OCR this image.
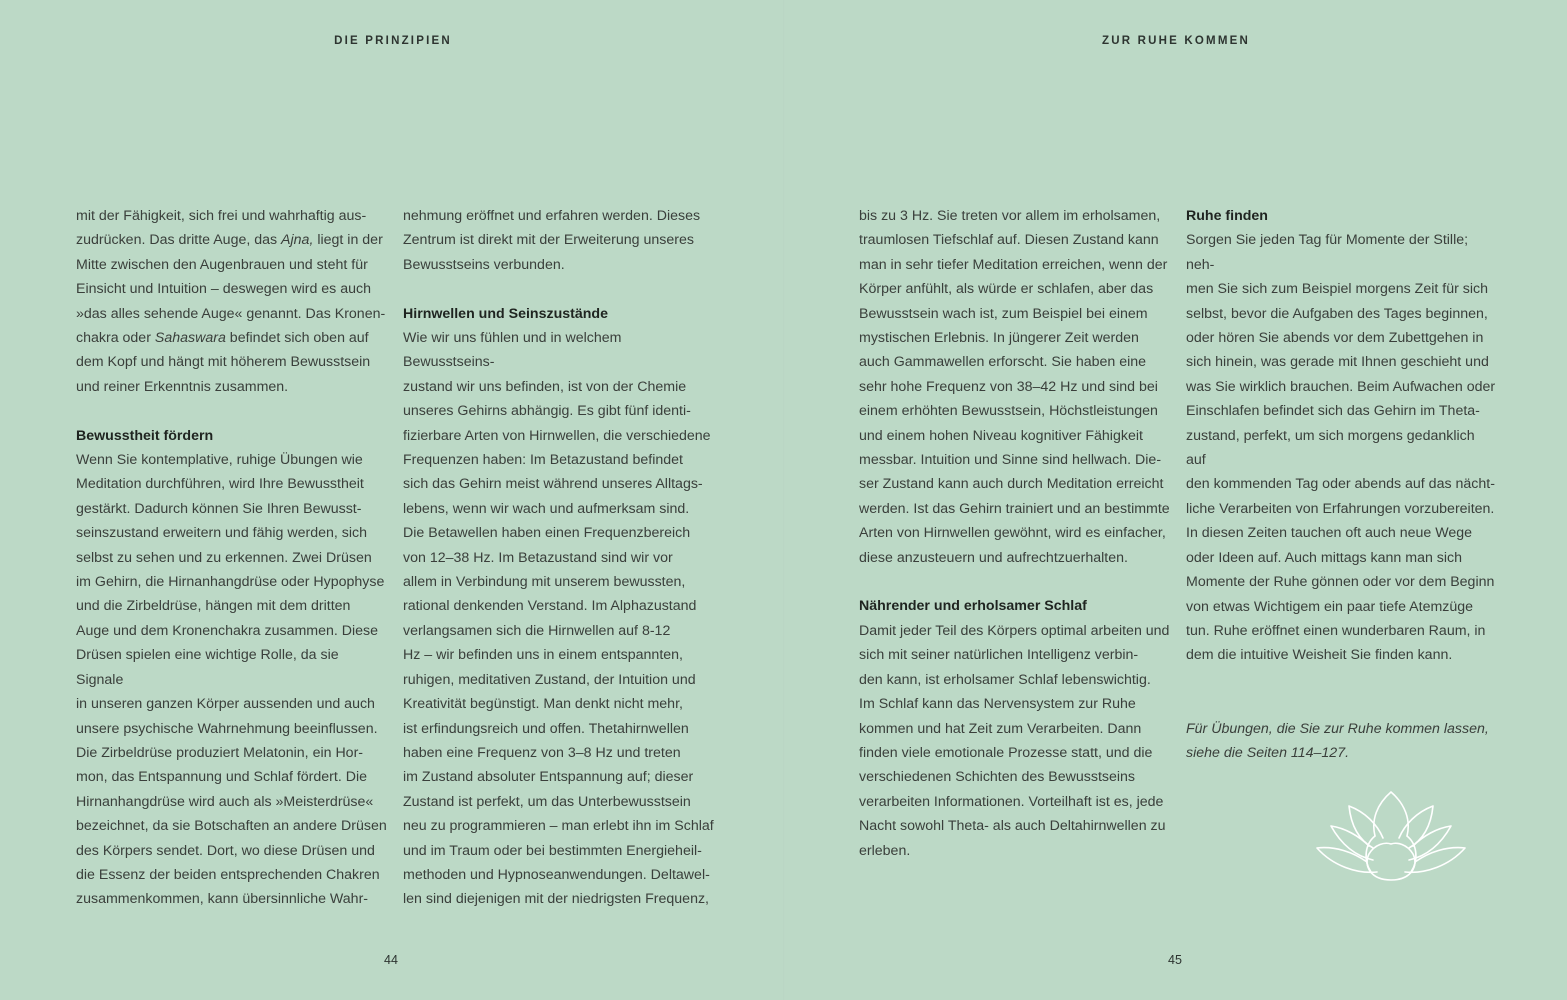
DIE PRINZIPIEN	ZUR RUHE KOMMEN

mit der Fähigkeit, sich frei und wahrhaftig aus-

zudrücken. Das dritte Auge, das Ajna, liegt in der

Mitte zwischen den Augenbrauen und steht für

Einsicht und Intuition – deswegen wird es auch

»das alles sehende Auge« genannt. Das Kronen-

chakra oder Sahaswara befindet sich oben auf

dem Kopf und hängt mit höherem Bewusstsein

und reiner Erkenntnis zusammen.

Bewusstheit fördern

Wenn Sie kontemplative, ruhige Übungen wie

Meditation durchführen, wird Ihre Bewusstheit

gestärkt. Dadurch können Sie Ihren Bewusst-

seinszustand erweitern und fähig werden, sich

selbst zu sehen und zu erkennen. Zwei Drüsen

im Gehirn, die Hirnanhangdrüse oder Hypophyse

und die Zirbeldrüse, hängen mit dem dritten

Auge und dem Kronenchakra zusammen. Diese

Drüsen spielen eine wichtige Rolle, da sie Signale

in unseren ganzen Körper aussenden und auch

unsere psychische Wahrnehmung beeinflussen.

Die Zirbeldrüse produziert Melatonin, ein Hor-

mon, das Entspannung und Schlaf fördert. Die

Hirnanhangdrüse wird auch als »Meisterdrüse«

bezeichnet, da sie Botschaften an andere Drüsen

des Körpers sendet. Dort, wo diese Drüsen und

die Essenz der beiden entsprechenden Chakren

zusammenkommen, kann übersinnliche Wahr-

nehmung eröffnet und erfahren werden. Dieses

Zentrum ist direkt mit der Erweiterung unseres

Bewusstseins verbunden.

Hirnwellen und Seinszustände

Wie wir uns fühlen und in welchem Bewusstseins-

zustand wir uns befinden, ist von der Chemie

unseres Gehirns abhängig. Es gibt fünf identi-

fizierbare Arten von Hirnwellen, die verschiedene

Frequenzen haben: Im Betazustand befindet

sich das Gehirn meist während unseres Alltags-

lebens, wenn wir wach und aufmerksam sind.

Die Betawellen haben einen Frequenzbereich

von 12–38 Hz. Im Betazustand sind wir vor

allem in Verbindung mit unserem bewussten,

rational denkenden Verstand. Im Alphazustand

verlangsamen sich die Hirnwellen auf 8-12

Hz – wir befinden uns in einem entspannten,

ruhigen, meditativen Zustand, der Intuition und

Kreativität begünstigt. Man denkt nicht mehr,

ist erfindungsreich und offen. Thetahirnwellen

haben eine Frequenz von 3–8 Hz und treten

im Zustand absoluter Entspannung auf; dieser

Zustand ist perfekt, um das Unterbewusstsein

neu zu programmieren – man erlebt ihn im Schlaf

und im Traum oder bei bestimmten Energieheil-

methoden und Hypnoseanwendungen. Deltawel-

len sind diejenigen mit der niedrigsten Frequenz,

bis zu 3 Hz. Sie treten vor allem im erholsamen,

traumlosen Tiefschlaf auf. Diesen Zustand kann

man in sehr tiefer Meditation erreichen, wenn der

Körper anfühlt, als würde er schlafen, aber das

Bewusstsein wach ist, zum Beispiel bei einem

mystischen Erlebnis. In jüngerer Zeit werden

auch Gammawellen erforscht. Sie haben eine

sehr hohe Frequenz von 38–42 Hz und sind bei

einem erhöhten Bewusstsein, Höchstleistungen

und einem hohen Niveau kognitiver Fähigkeit

messbar. Intuition und Sinne sind hellwach. Die-

ser Zustand kann auch durch Meditation erreicht

werden. Ist das Gehirn trainiert und an bestimmte

Arten von Hirnwellen gewöhnt, wird es einfacher,

diese anzusteuern und aufrechtzuerhalten.

Nährender und erholsamer Schlaf

Damit jeder Teil des Körpers optimal arbeiten und

sich mit seiner natürlichen Intelligenz verbin-

den kann, ist erholsamer Schlaf lebenswichtig.

Im Schlaf kann das Nervensystem zur Ruhe

kommen und hat Zeit zum Verarbeiten. Dann

finden viele emotionale Prozesse statt, und die

verschiedenen Schichten des Bewusstseins

verarbeiten Informationen. Vorteilhaft ist es, jede

Nacht sowohl Theta- als auch Deltahirnwellen zu

erleben.

Ruhe finden

Sorgen Sie jeden Tag für Momente der Stille; neh-

men Sie sich zum Beispiel morgens Zeit für sich

selbst, bevor die Aufgaben des Tages beginnen,

oder hören Sie abends vor dem Zubettgehen in

sich hinein, was gerade mit Ihnen geschieht und

was Sie wirklich brauchen. Beim Aufwachen oder

Einschlafen befindet sich das Gehirn im Theta-

zustand, perfekt, um sich morgens gedanklich auf

den kommenden Tag oder abends auf das nächt-

liche Verarbeiten von Erfahrungen vorzubereiten.

In diesen Zeiten tauchen oft auch neue Wege

oder Ideen auf. Auch mittags kann man sich

Momente der Ruhe gönnen oder vor dem Beginn

von etwas Wichtigem ein paar tiefe Atemzüge

tun. Ruhe eröffnet einen wunderbaren Raum, in

dem die intuitive Weisheit Sie finden kann.

Für Übungen, die Sie zur Ruhe kommen lassen,

siehe die Seiten 114–127.

44	45
